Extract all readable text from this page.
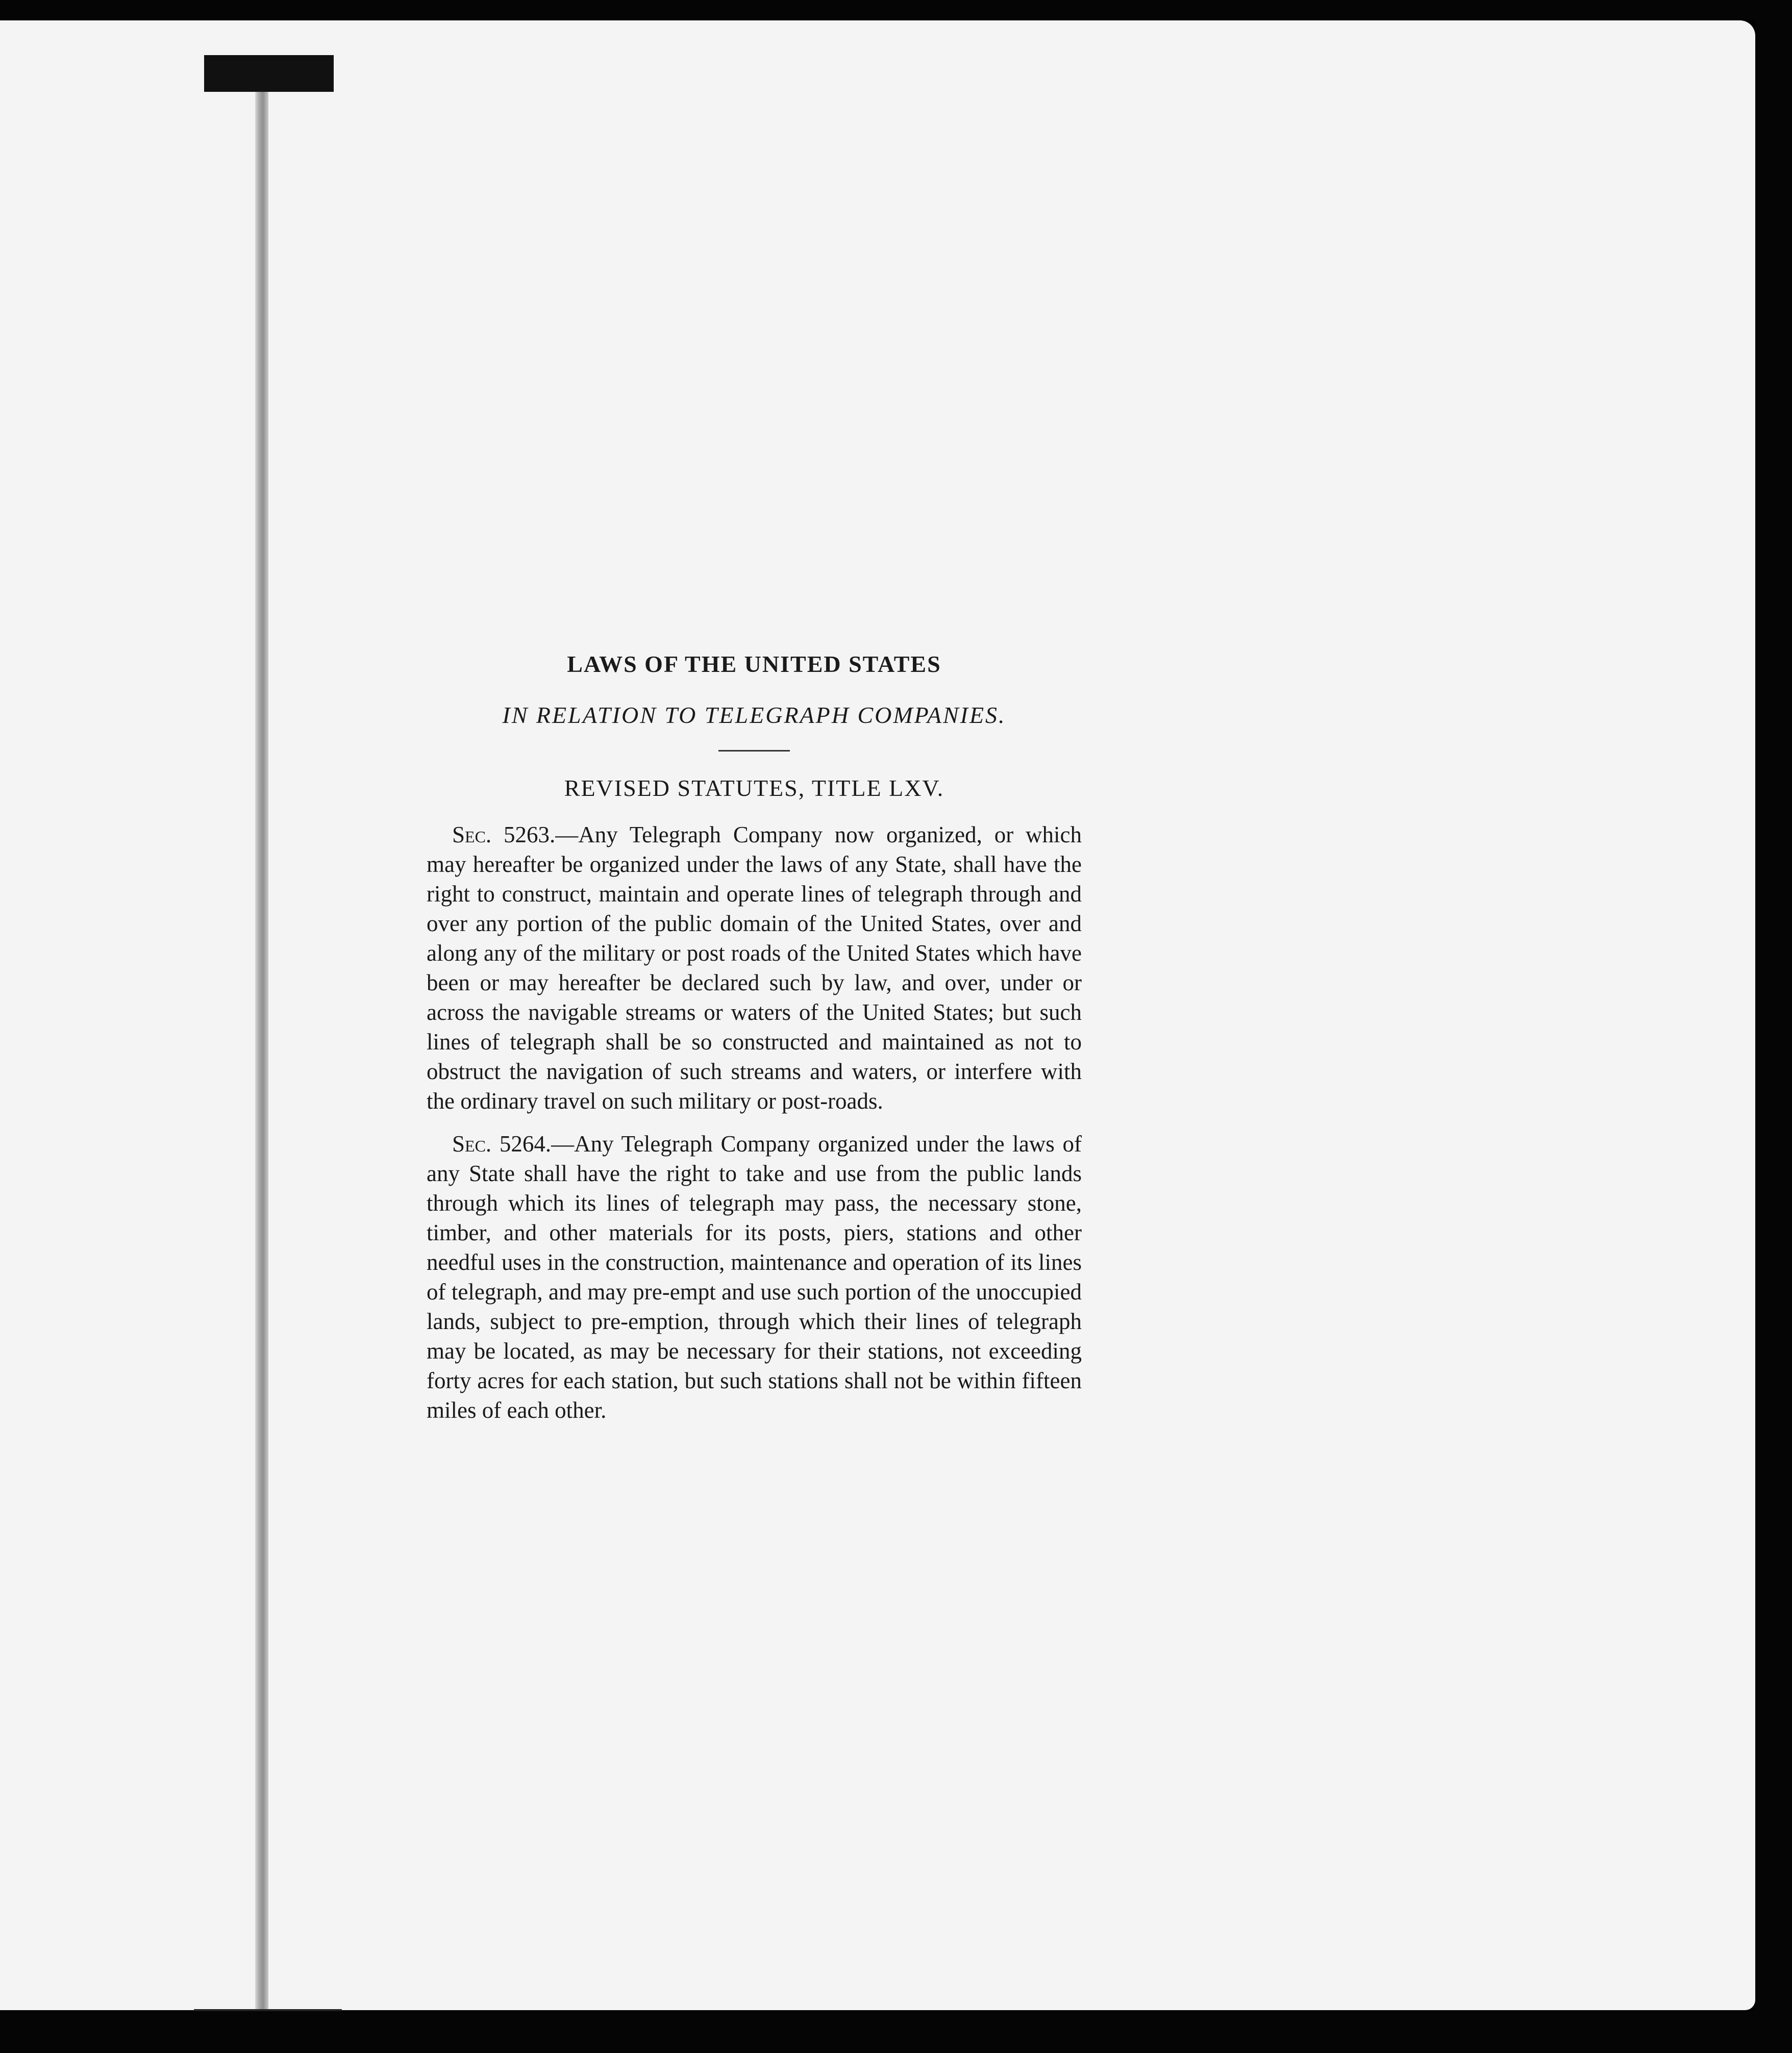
LAWS OF THE UNITED STATES

IN RELATION TO TELEGRAPH COMPANIES.

REVISED STATUTES, TITLE LXV.

Sec. 5263.—Any Telegraph Company now organized, or which may hereafter be organized under the laws of any State, shall have the right to construct, maintain and operate lines of telegraph through and over any portion of the public domain of the United States, over and along any of the military or post roads of the United States which have been or may hereafter be declared such by law, and over, under or across the navigable streams or waters of the United States; but such lines of telegraph shall be so constructed and maintained as not to obstruct the navigation of such streams and waters, or interfere with the ordinary travel on such military or post-roads.

Sec. 5264.—Any Telegraph Company organized under the laws of any State shall have the right to take and use from the public lands through which its lines of telegraph may pass, the necessary stone, timber, and other materials for its posts, piers, stations and other needful uses in the construction, maintenance and operation of its lines of telegraph, and may pre-empt and use such portion of the unoccupied lands, subject to pre-emption, through which their lines of telegraph may be located, as may be necessary for their stations, not exceeding forty acres for each station, but such stations shall not be within fifteen miles of each other.
